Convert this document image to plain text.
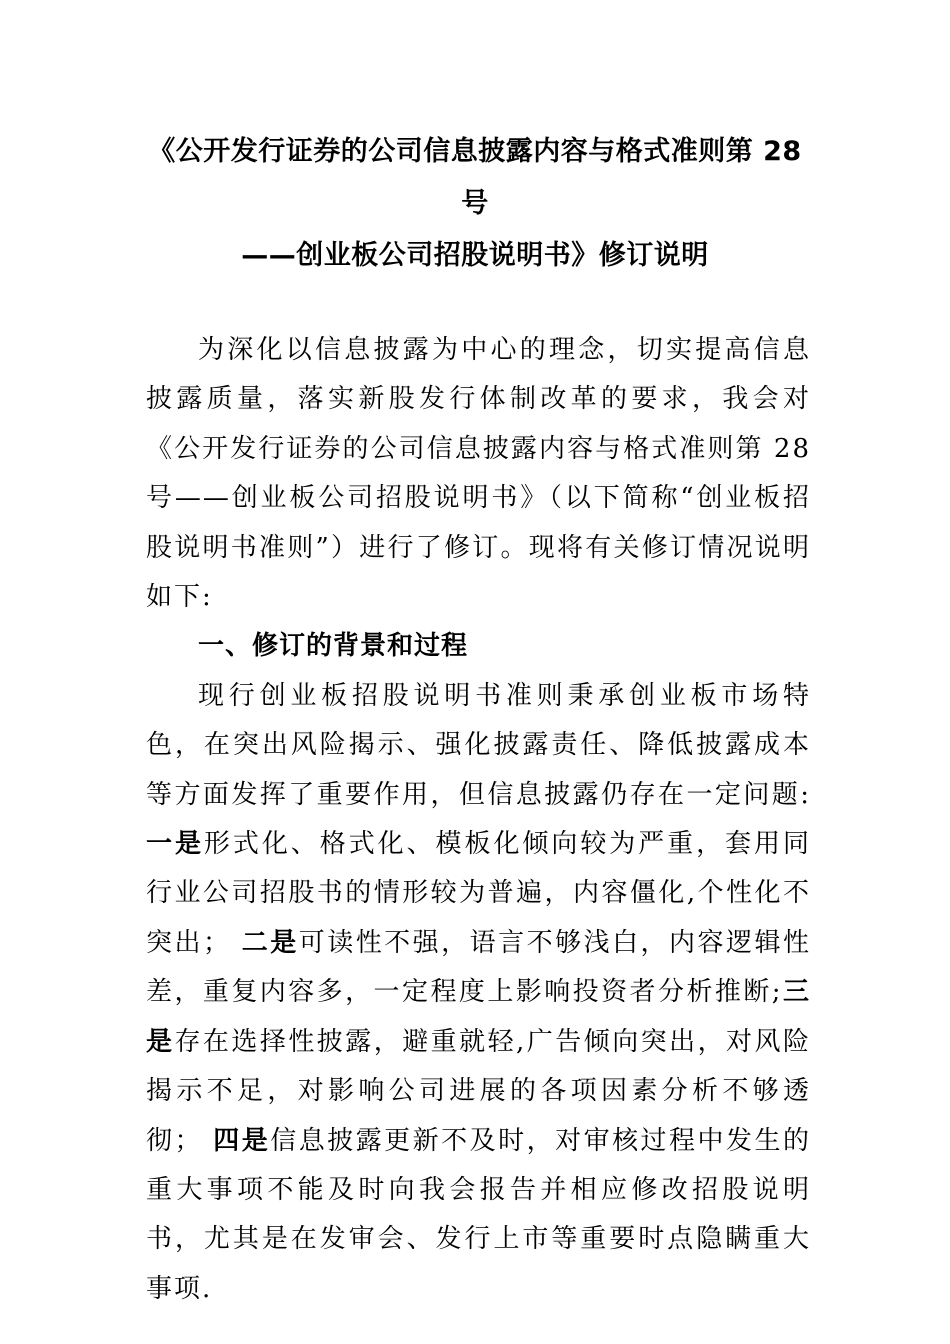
《公开发行证券的公司信息披露内容与格式准则第 28
号
——创业板公司招股说明书》修订说明

为深化以信息披露为中心的理念，切实提高信息披露质量，落实新股发行体制改革的要求，我会对《公开发行证券的公司信息披露内容与格式准则第 28 号——创业板公司招股说明书》（以下简称“创业板招股说明书准则”）进行了修订。现将有关修订情况说明如下:

一、修订的背景和过程

现行创业板招股说明书准则秉承创业板市场特色，在突出风险揭示、强化披露责任、降低披露成本等方面发挥了重要作用，但信息披露仍存在一定问题: 一是形式化、格式化、模板化倾向较为严重，套用同行业公司招股书的情形较为普遍，内容僵化,个性化不突出； 二是可读性不强，语言不够浅白，内容逻辑性差，重复内容多，一定程度上影响投资者分析推断;三是存在选择性披露，避重就轻,广告倾向突出，对风险揭示不足，对影响公司进展的各项因素分析不够透彻； 四是信息披露更新不及时，对审核过程中发生的重大事项不能及时向我会报告并相应修改招股说明书，尤其是在发审会、发行上市等重要时点隐瞒重大事项.
